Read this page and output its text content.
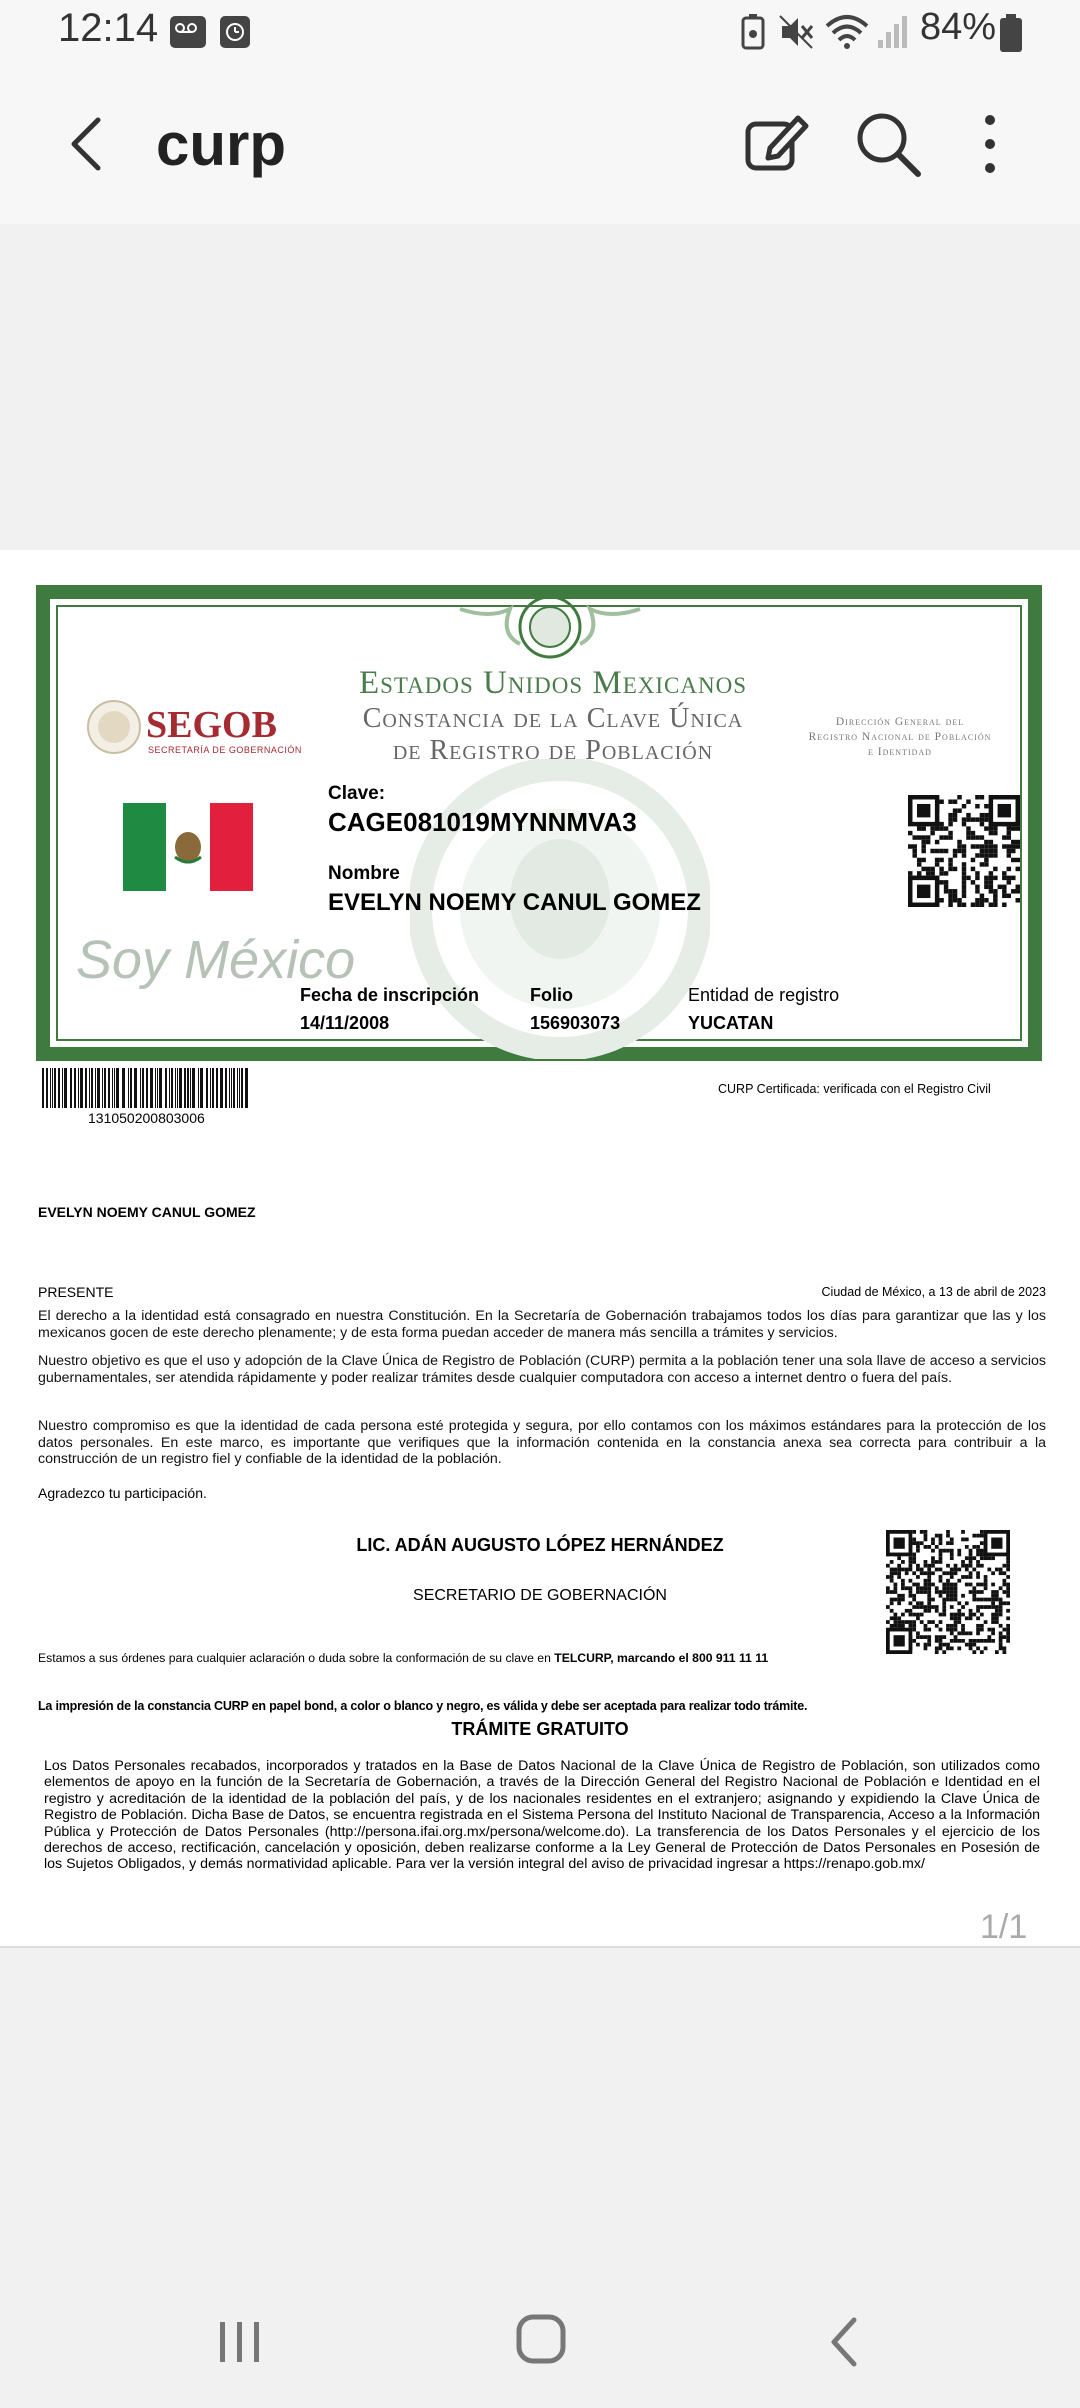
12:14	84%
curp
Estados Unidos Mexicanos
Constancia de la Clave Única
de Registro de Población
SEGOB
SECRETARÍA DE GOBERNACIÓN
Dirección General del
Registro Nacional de Población
e Identidad
Clave:
CAGE081019MYNNMVA3
Nombre
EVELYN NOEMY CANUL GOMEZ
Soy México
Fecha de inscripción
14/11/2008
Folio
156903073
Entidad de registro
YUCATAN
131050200803006
CURP Certificada: verificada con el Registro Civil
EVELYN NOEMY CANUL GOMEZ
PRESENTE	Ciudad de México, a 13 de abril de 2023
El derecho a la identidad está consagrado en nuestra Constitución. En la Secretaría de Gobernación trabajamos todos los días para garantizar que las y los mexicanos gocen de este derecho plenamente; y de esta forma puedan acceder de manera más sencilla a trámites y servicios.
Nuestro objetivo es que el uso y adopción de la Clave Única de Registro de Población (CURP) permita a la población tener una sola llave de acceso a servicios gubernamentales, ser atendida rápidamente y poder realizar trámites desde cualquier computadora con acceso a internet dentro o fuera del país.
Nuestro compromiso es que la identidad de cada persona esté protegida y segura, por ello contamos con los máximos estándares para la protección de los datos personales. En este marco, es importante que verifiques que la información contenida en la constancia anexa sea correcta para contribuir a la construcción de un registro fiel y confiable de la identidad de la población.
Agradezco tu participación.
LIC. ADÁN AUGUSTO LÓPEZ HERNÁNDEZ
SECRETARIO DE GOBERNACIÓN
Estamos a sus órdenes para cualquier aclaración o duda sobre la conformación de su clave en TELCURP, marcando el 800 911 11 11
La impresión de la constancia CURP en papel bond, a color o blanco y negro, es válida y debe ser aceptada para realizar todo trámite.
TRÁMITE GRATUITO
Los Datos Personales recabados, incorporados y tratados en la Base de Datos Nacional de la Clave Única de Registro de Población, son utilizados como elementos de apoyo en la función de la Secretaría de Gobernación, a través de la Dirección General del Registro Nacional de Población e Identidad en el registro y acreditación de la identidad de la población del país, y de los nacionales residentes en el extranjero; asignando y expidiendo la Clave Única de Registro de Población. Dicha Base de Datos, se encuentra registrada en el Sistema Persona del Instituto Nacional de Transparencia, Acceso a la Información Pública y Protección de Datos Personales (http://persona.ifai.org.mx/persona/welcome.do). La transferencia de los Datos Personales y el ejercicio de los derechos de acceso, rectificación, cancelación y oposición, deben realizarse conforme a la Ley General de Protección de Datos Personales en Posesión de los Sujetos Obligados, y demás normatividad aplicable. Para ver la versión integral del aviso de privacidad ingresar a https://renapo.gob.mx/
1/1
